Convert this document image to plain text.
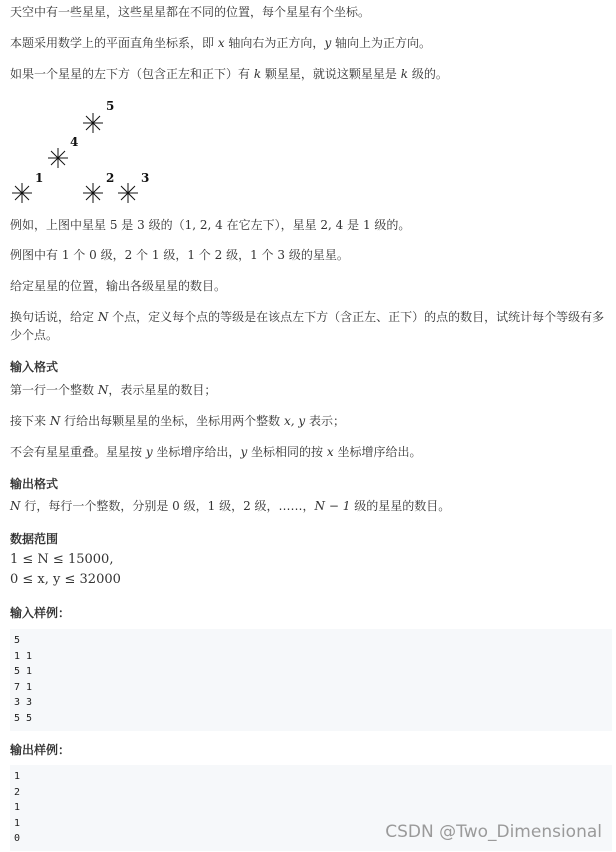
天空中有一些星星，这些星星都在不同的位置，每个星星有个坐标。
本题采用数学上的平面直角坐标系，即 x 轴向右为正方向，y 轴向上为正方向。
如果一个星星的左下方（包含正左和正下）有 k 颗星星，就说这颗星星是 k 级的。
1	2 3
4
5
例如，上图中星星 5 是 3 级的（1, 2, 4 在它左下），星星 2, 4 是 1 级的。
例图中有 1 个 0 级，2 个 1 级，1 个 2 级，1 个 3 级的星星。
给定星星的位置，输出各级星星的数目。
换句话说，给定 N 个点，定义每个点的等级是在该点左下方（含正左、正下）的点的数目，试统计每个等级有多
少个点。
输入格式
第一行一个整数 N，表示星星的数目；
接下来 N 行给出每颗星星的坐标，坐标用两个整数 x, y 表示；
不会有星星重叠。星星按 y 坐标增序给出，y 坐标相同的按 x 坐标增序给出。
输出格式
N 行，每行一个整数，分别是 0 级，1 级，2 级，……，N − 1 级的星星的数目。
数据范围
1 ≤ N ≤ 15000,
0 ≤ x, y ≤ 32000
输入样例：
5
1 1
5 1
7 1
3 3
5 5
输出样例：
1
2
1
1
0	CSDN @Two_Dimensional
